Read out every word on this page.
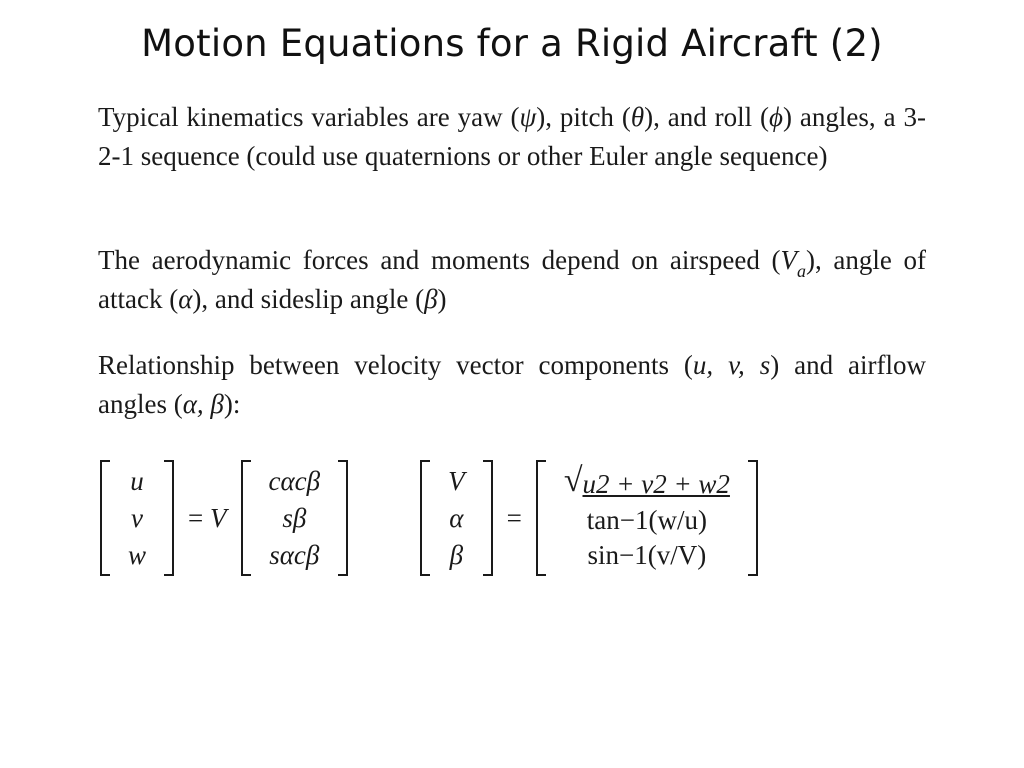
Motion Equations for a Rigid Aircraft (2)
Typical kinematics variables are yaw (ψ), pitch (θ), and roll (ϕ) angles, a 3-2-1 sequence (could use quaternions or other Euler angle sequence)
The aerodynamic forces and moments depend on airspeed $(V_a)$, angle of attack (α), and sideslip angle (β)
Relationship between velocity vector components (u, v, s) and airflow angles (α, β):
u
v
w
= V
cαcβ
sβ
sαcβ
V
α
β
=
√u2 + v2 + w2
tan−1(w/u)
sin−1(v/V)
